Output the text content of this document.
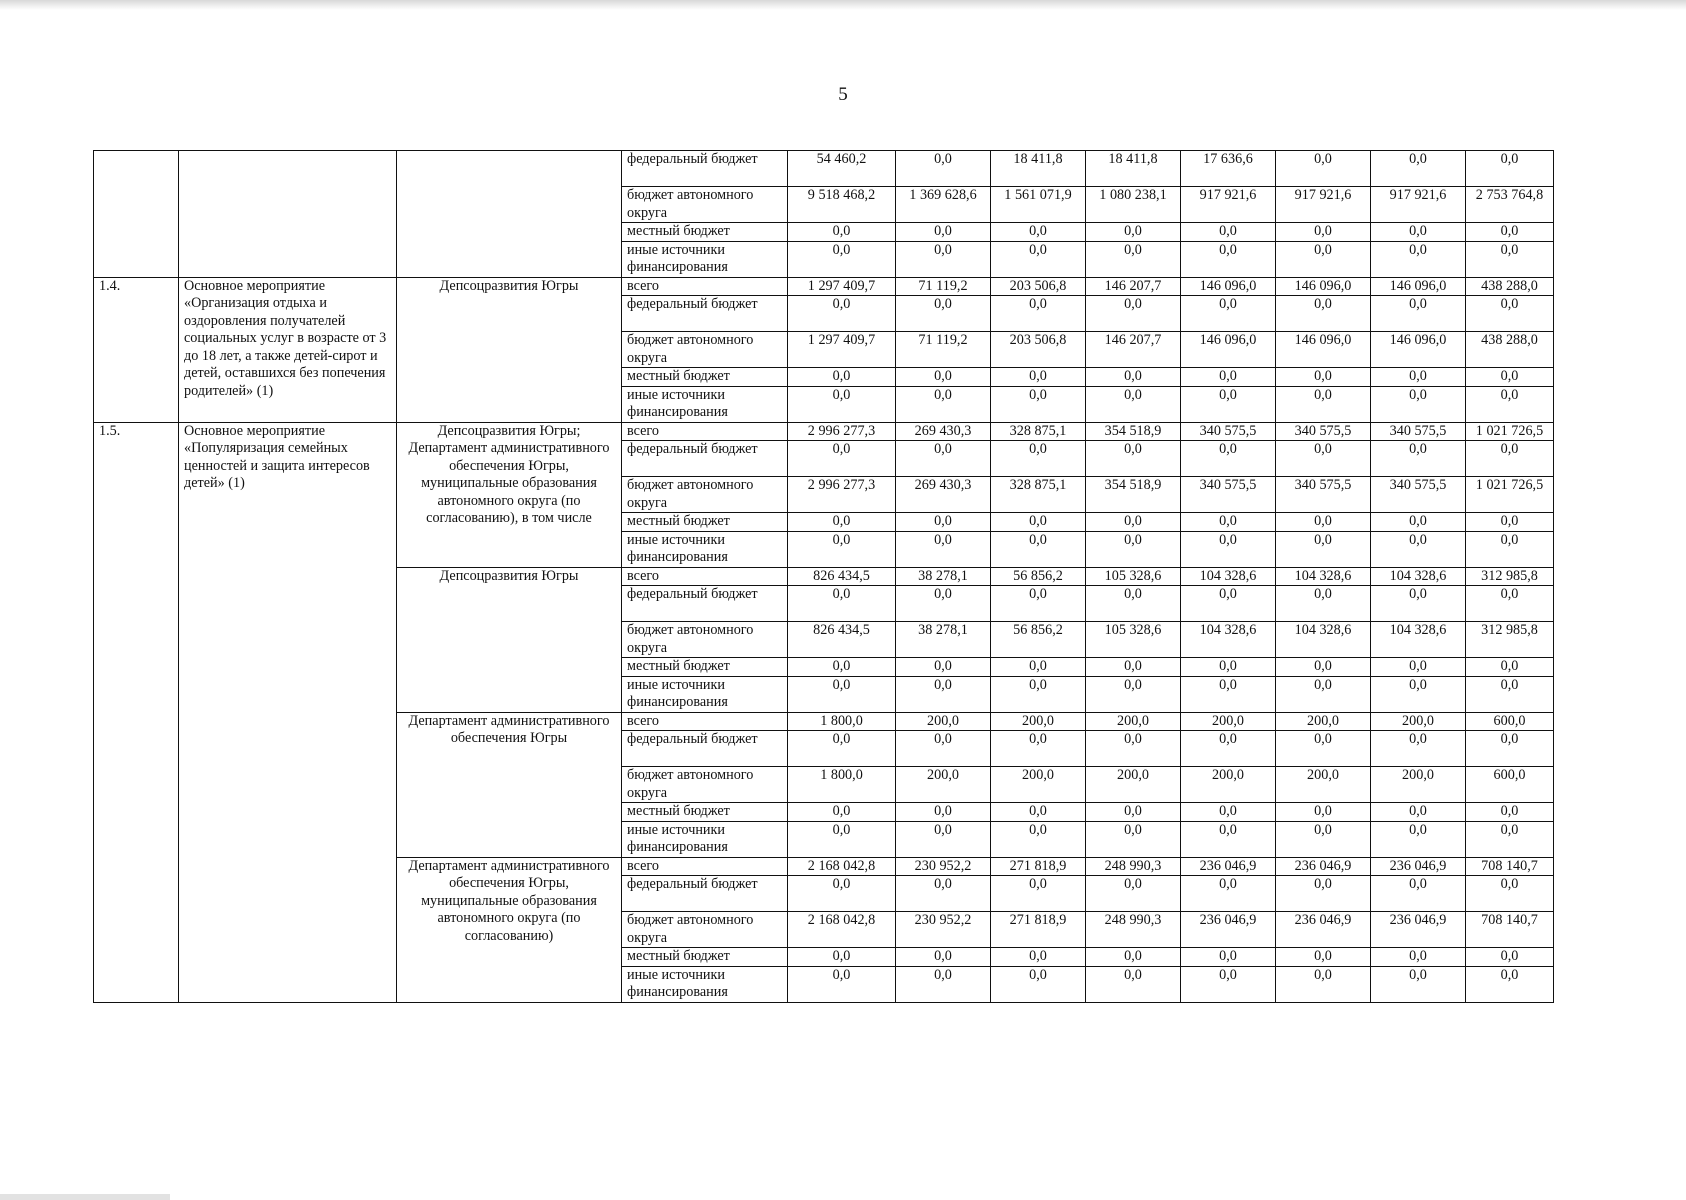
5
			федеральный бюджет	54 460,2	0,0	18 411,8	18 411,8	17 636,6	0,0	0,0	0,0
			бюджет автономного округа	9 518 468,2	1 369 628,6	1 561 071,9	1 080 238,1	917 921,6	917 921,6	917 921,6	2 753 764,8
			местный бюджет	0,0	0,0	0,0	0,0	0,0	0,0	0,0	0,0
			иные источники финансирования	0,0	0,0	0,0	0,0	0,0	0,0	0,0	0,0
1.4.	Основное мероприятие «Организация отдыха и оздоровления получателей социальных услуг в возрасте от 3 до 18 лет, а также детей-сирот и детей, оставшихся без попечения родителей» (1)	Депсоцразвития Югры	всего	1 297 409,7	71 119,2	203 506,8	146 207,7	146 096,0	146 096,0	146 096,0	438 288,0
			федеральный бюджет	0,0	0,0	0,0	0,0	0,0	0,0	0,0	0,0
			бюджет автономного округа	1 297 409,7	71 119,2	203 506,8	146 207,7	146 096,0	146 096,0	146 096,0	438 288,0
			местный бюджет	0,0	0,0	0,0	0,0	0,0	0,0	0,0	0,0
			иные источники финансирования	0,0	0,0	0,0	0,0	0,0	0,0	0,0	0,0
1.5.	Основное мероприятие «Популяризация семейных ценностей и защита интересов детей» (1)	Депсоцразвития Югры; Департамент административного обеспечения Югры, муниципальные образования автономного округа (по согласованию), в том числе	всего	2 996 277,3	269 430,3	328 875,1	354 518,9	340 575,5	340 575,5	340 575,5	1 021 726,5
			федеральный бюджет	0,0	0,0	0,0	0,0	0,0	0,0	0,0	0,0
			бюджет автономного округа	2 996 277,3	269 430,3	328 875,1	354 518,9	340 575,5	340 575,5	340 575,5	1 021 726,5
			местный бюджет	0,0	0,0	0,0	0,0	0,0	0,0	0,0	0,0
			иные источники финансирования	0,0	0,0	0,0	0,0	0,0	0,0	0,0	0,0
		Депсоцразвития Югры	всего	826 434,5	38 278,1	56 856,2	105 328,6	104 328,6	104 328,6	104 328,6	312 985,8
			федеральный бюджет	0,0	0,0	0,0	0,0	0,0	0,0	0,0	0,0
			бюджет автономного округа	826 434,5	38 278,1	56 856,2	105 328,6	104 328,6	104 328,6	104 328,6	312 985,8
			местный бюджет	0,0	0,0	0,0	0,0	0,0	0,0	0,0	0,0
			иные источники финансирования	0,0	0,0	0,0	0,0	0,0	0,0	0,0	0,0
		Департамент административного обеспечения Югры	всего	1 800,0	200,0	200,0	200,0	200,0	200,0	200,0	600,0
			федеральный бюджет	0,0	0,0	0,0	0,0	0,0	0,0	0,0	0,0
			бюджет автономного округа	1 800,0	200,0	200,0	200,0	200,0	200,0	200,0	600,0
			местный бюджет	0,0	0,0	0,0	0,0	0,0	0,0	0,0	0,0
			иные источники финансирования	0,0	0,0	0,0	0,0	0,0	0,0	0,0	0,0
		Департамент административного обеспечения Югры, муниципальные образования автономного округа (по согласованию)	всего	2 168 042,8	230 952,2	271 818,9	248 990,3	236 046,9	236 046,9	236 046,9	708 140,7
			федеральный бюджет	0,0	0,0	0,0	0,0	0,0	0,0	0,0	0,0
			бюджет автономного округа	2 168 042,8	230 952,2	271 818,9	248 990,3	236 046,9	236 046,9	236 046,9	708 140,7
			местный бюджет	0,0	0,0	0,0	0,0	0,0	0,0	0,0	0,0
			иные источники финансирования	0,0	0,0	0,0	0,0	0,0	0,0	0,0	0,0
